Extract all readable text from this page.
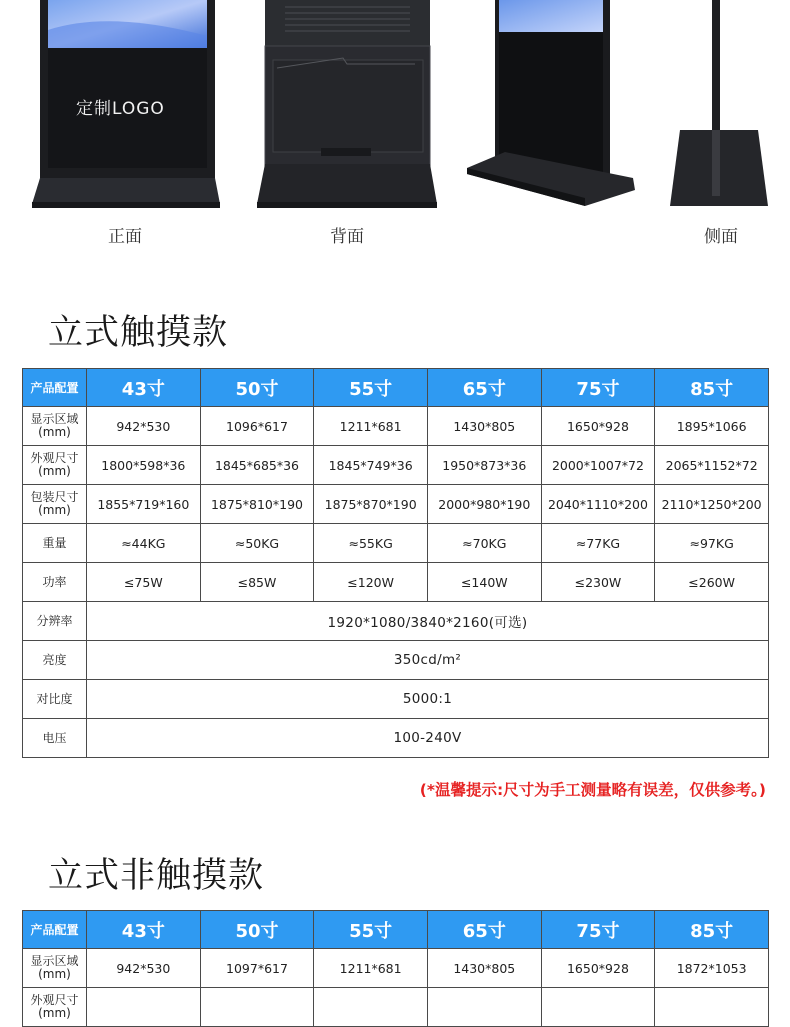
定制LOGO
正面	背面	侧面
立式触摸款
产品配置	43寸	50寸	55寸	65寸	75寸	85寸
显示区域
(mm)	942*530	1096*617	1211*681	1430*805	1650*928	1895*1066
外观尺寸
(mm)	1800*598*36	1845*685*36	1845*749*36	1950*873*36	2000*1007*72	2065*1152*72
包装尺寸
(mm)	1855*719*160	1875*810*190	1875*870*190	2000*980*190	2040*1110*200	2110*1250*200
重量	≈44KG	≈50KG	≈55KG	≈70KG	≈77KG	≈97KG
功率	≤75W	≤85W	≤120W	≤140W	≤230W	≤260W
分辨率	1920*1080/3840*2160(可选)					
亮度	350cd/m²					
对比度	5000:1					
电压	100-240V					
(*温馨提示:尺寸为手工测量略有误差，仅供参考。)
立式非触摸款
产品配置	43寸	50寸	55寸	65寸	75寸	85寸
显示区域
(mm)	942*530	1097*617	1211*681	1430*805	1650*928	1872*1053
外观尺寸
(mm)						
